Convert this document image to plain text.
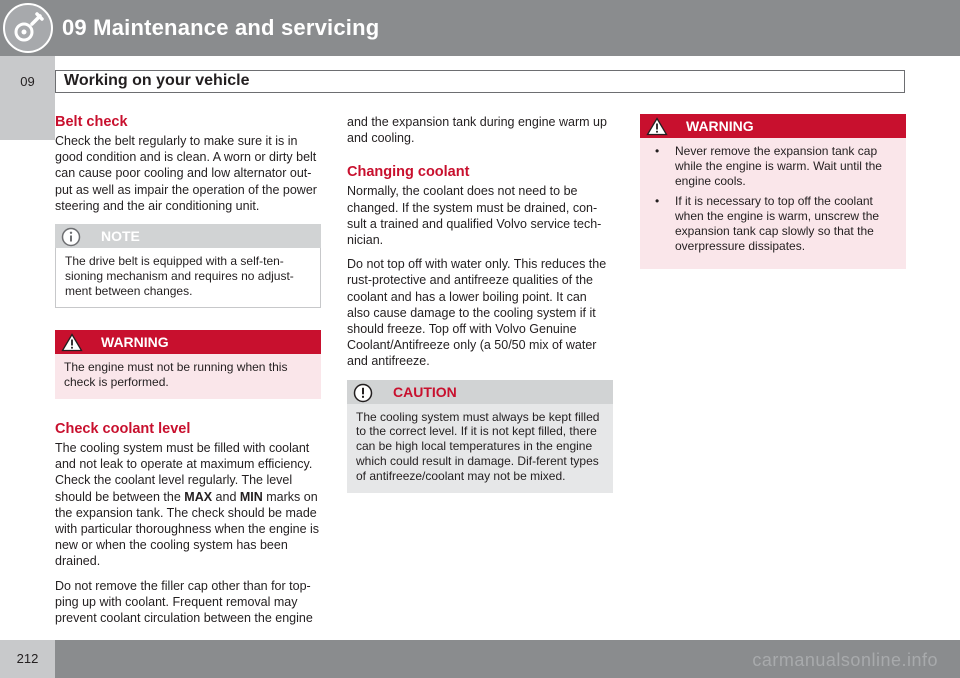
09 Maintenance and servicing
09	Working on your vehicle
Belt check

Check the belt regularly to make sure it is in good condition and is clean. A worn or dirty belt can cause poor cooling and low alternator out-put as well as impair the operation of the power steering and the air conditioning unit.

NOTE
The drive belt is equipped with a self-ten-sioning mechanism and requires no adjust-ment between changes.
WARNING
The engine must not be running when this check is performed.
Check coolant level

The cooling system must be filled with coolant and not leak to operate at maximum efficiency. Check the coolant level regularly. The level should be between the MAX and MIN marks on the expansion tank. The check should be made with particular thoroughness when the engine is new or when the cooling system has been drained.

Do not remove the filler cap other than for top-ping up with coolant. Frequent removal may prevent coolant circulation between the engine

and the expansion tank during engine warm up and cooling.

Changing coolant

Normally, the coolant does not need to be changed. If the system must be drained, con-sult a trained and qualified Volvo service tech-nician.

Do not top off with water only. This reduces the rust-protective and antifreeze qualities of the coolant and has a lower boiling point. It can also cause damage to the cooling system if it should freeze. Top off with Volvo Genuine Coolant/Antifreeze only (a 50/50 mix of water and antifreeze.

CAUTION
The cooling system must always be kept filled to the correct level. If it is not kept filled, there can be high local temperatures in the engine which could result in damage. Dif-ferent types of antifreeze/coolant may not be mixed.
WARNING
• Never remove the expansion tank cap while the engine is warm. Wait until the engine cools.
• If it is necessary to top off the coolant when the engine is warm, unscrew the expansion tank cap slowly so that the overpressure dissipates.
212	carmanualsonline.info
